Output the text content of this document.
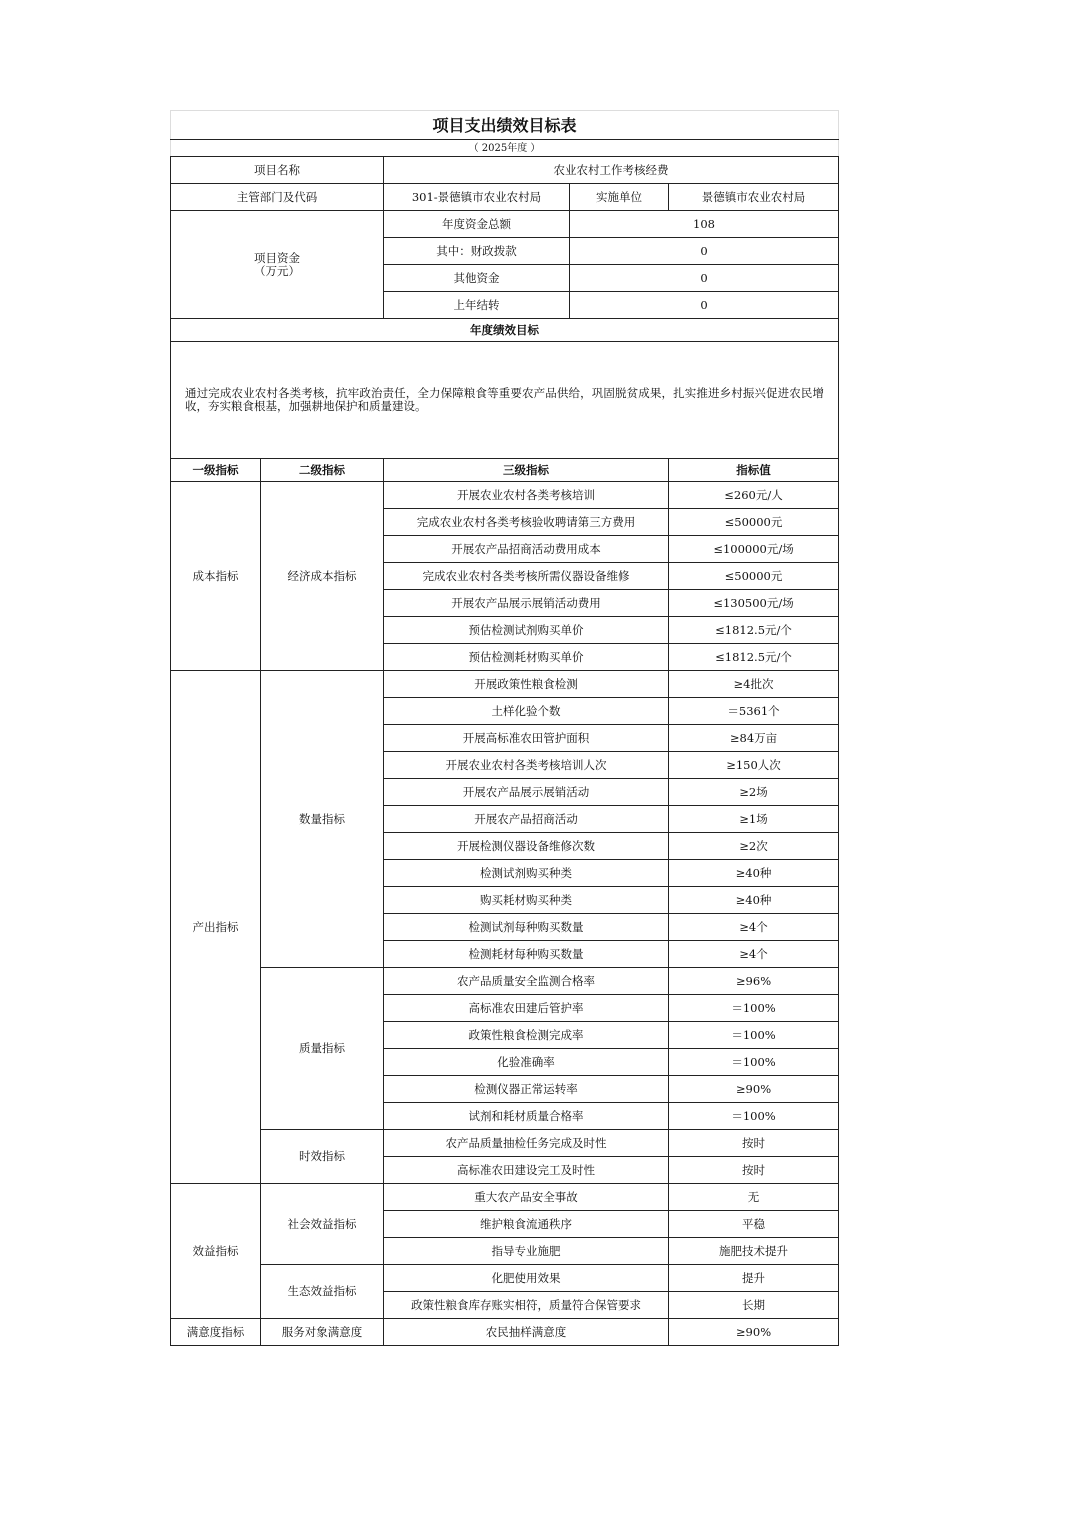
项目支出绩效目标表				
（ 2025年度 ）				
项目名称		农业农村工作考核经费		
主管部门及代码		301-景德镇市农业农村局	实施单位	景德镇市农业农村局

项目资金
（万元）		年度资金总额	108	
		其中：财政拨款	0	
		其他资金	0	
		上年结转	0	
年度绩效目标				
通过完成农业农村各类考核，抗牢政治责任，全力保障粮食等重要农产品供给，巩固脱贫成果，扎实推进乡村振兴促进农民增收，夯实粮食根基，加强耕地保护和质量建设。				
一级指标	二级指标	三级指标		指标值
成本指标	经济成本指标	开展农业农村各类考核培训		≤260元/人
		完成农业农村各类考核验收聘请第三方费用		≤50000元
		开展农产品招商活动费用成本		≤100000元/场
		完成农业农村各类考核所需仪器设备维修		≤50000元
		开展农产品展示展销活动费用		≤130500元/场
		预估检测试剂购买单价		≤1812.5元/个
		预估检测耗材购买单价		≤1812.5元/个
产出指标	数量指标	开展政策性粮食检测		≥4批次
		土样化验个数		＝5361个
		开展高标准农田管护面积		≥84万亩
		开展农业农村各类考核培训人次		≥150人次
		开展农产品展示展销活动		≥2场
		开展农产品招商活动		≥1场
		开展检测仪器设备维修次数		≥2次
		检测试剂购买种类		≥40种
		购买耗材购买种类		≥40种
		检测试剂每种购买数量		≥4个
		检测耗材每种购买数量		≥4个
	质量指标	农产品质量安全监测合格率		≥96%
		高标准农田建后管护率		＝100%
		政策性粮食检测完成率		＝100%
		化验准确率		＝100%
		检测仪器正常运转率		≥90%
		试剂和耗材质量合格率		＝100%
	时效指标	农产品质量抽检任务完成及时性		按时
		高标准农田建设完工及时性		按时
效益指标	社会效益指标	重大农产品安全事故		无
		维护粮食流通秩序		平稳
		指导专业施肥		施肥技术提升
	生态效益指标	化肥使用效果		提升
		政策性粮食库存账实相符，质量符合保管要求		长期
满意度指标	服务对象满意度	农民抽样满意度		≥90%
